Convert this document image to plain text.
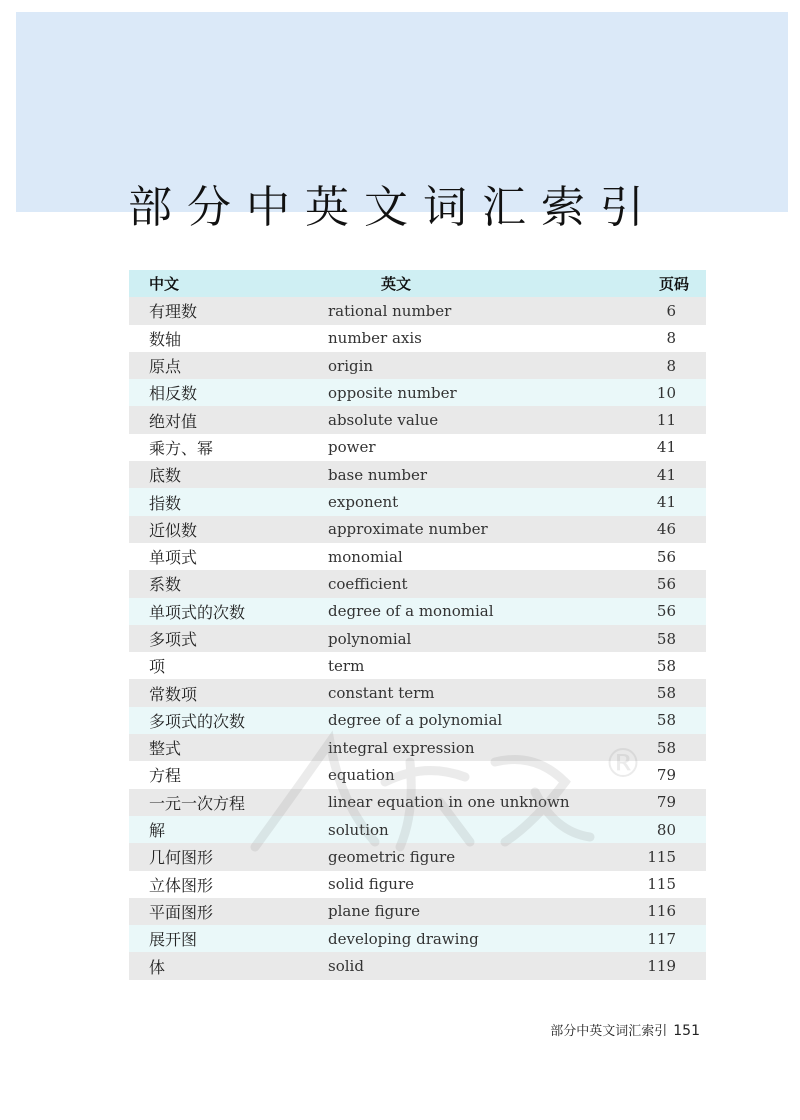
部分中英文词汇索引
中文	英文	页码
有理数	rational number	6
数轴	number axis	8
原点	origin	8
相反数	opposite number	10
绝对值	absolute value	11
乘方、幂	power	41
底数	base number	41
指数	exponent	41
近似数	approximate number	46
单项式	monomial	56
系数	coefficient	56
单项式的次数	degree of a monomial	56
多项式	polynomial	58
项	term	58
常数项	constant term	58
多项式的次数	degree of a polynomial	58
整式	integral expression	58
方程	equation	79
一元一次方程	linear equation in one unknown	79
解	solution	80
几何图形	geometric figure	115
立体图形	solid figure	115
平面图形	plane figure	116
展开图	developing drawing	117
体	solid	119
®
部分中英文词汇索引 151
